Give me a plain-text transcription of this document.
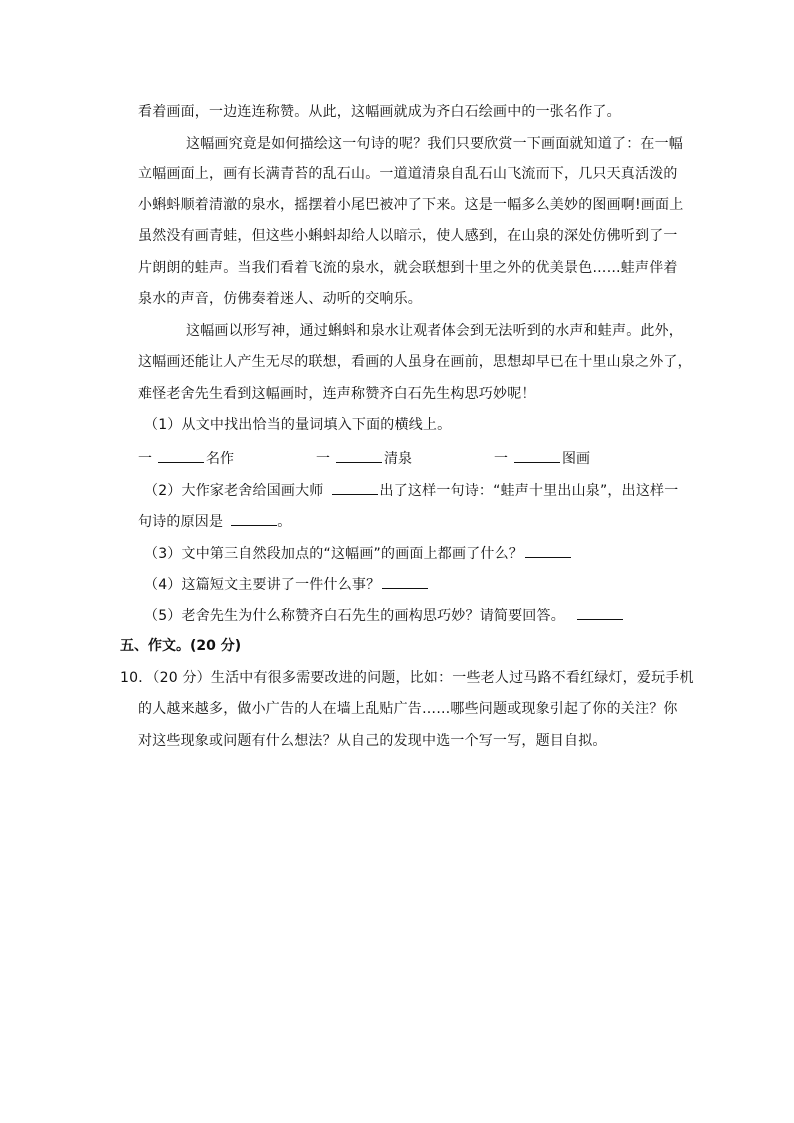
看着画面，一边连连称赞。从此，这幅画就成为齐白石绘画中的一张名作了。
这幅画究竟是如何描绘这一句诗的呢？我们只要欣赏一下画面就知道了：在一幅
立幅画面上，画有长满青苔的乱石山。一道道清泉自乱石山飞流而下，几只天真活泼的
小蝌蚪顺着清澈的泉水，摇摆着小尾巴被冲了下来。这是一幅多么美妙的图画啊!画面上
虽然没有画青蛙，但这些小蝌蚪却给人以暗示，使人感到，在山泉的深处仿佛听到了一
片朗朗的蛙声。当我们看着飞流的泉水，就会联想到十里之外的优美景色……蛙声伴着
泉水的声音，仿佛奏着迷人、动听的交响乐。
这幅画以形写神，通过蝌蚪和泉水让观者体会到无法听到的水声和蛙声。此外，
这幅画还能让人产生无尽的联想，看画的人虽身在画前，思想却早已在十里山泉之外了，
难怪老舍先生看到这幅画时，连声称赞齐白石先生构思巧妙呢！
（1）从文中找出恰当的量词填入下面的横线上。
一	名作	一	清泉	一	图画
（2）大作家老舍给国画大师	出了这样一句诗：“蛙声十里出山泉”，出这样一
句诗的原因是	。
（3）文中第三自然段加点的“这幅画”的画面上都画了什么？
（4）这篇短文主要讲了一件什么事？
（5）老舍先生为什么称赞齐白石先生的画构思巧妙？请简要回答。
五、作文。(20 分)
10．（20 分）生活中有很多需要改进的问题，比如：一些老人过马路不看红绿灯，爱玩手机
的人越来越多，做小广告的人在墙上乱贴广告……哪些问题或现象引起了你的关注？你
对这些现象或问题有什么想法？从自己的发现中选一个写一写，题目自拟。
